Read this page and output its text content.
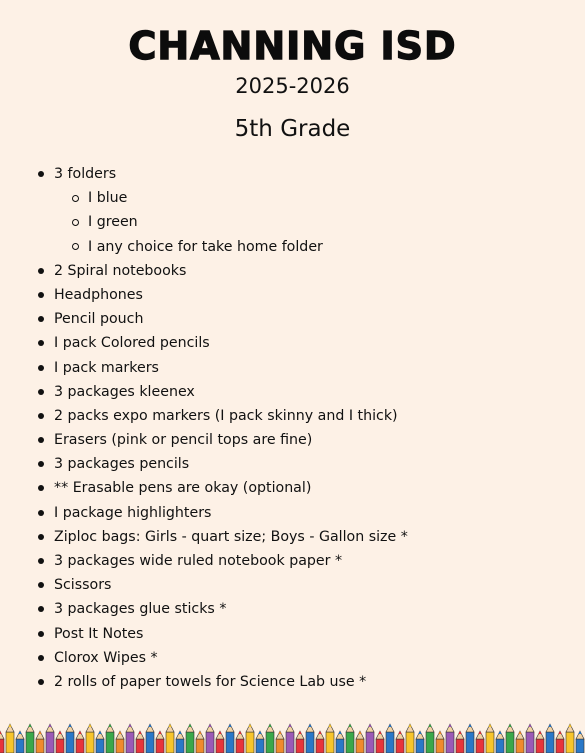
CHANNING ISD
2025-2026
5th Grade
3 folders
I blue
I green
I any choice for take home folder
2 Spiral notebooks
Headphones
Pencil pouch
I pack Colored pencils
I pack markers
3 packages kleenex
2 packs expo markers (I pack skinny and I thick)
Erasers (pink or pencil tops are fine)
3 packages pencils
** Erasable pens are okay (optional)
I package highlighters
Ziploc bags: Girls - quart size; Boys - Gallon size *
3 packages wide ruled notebook paper *
Scissors
3 packages glue sticks *
Post It Notes
Clorox Wipes *
2 rolls of paper towels for Science Lab use *
